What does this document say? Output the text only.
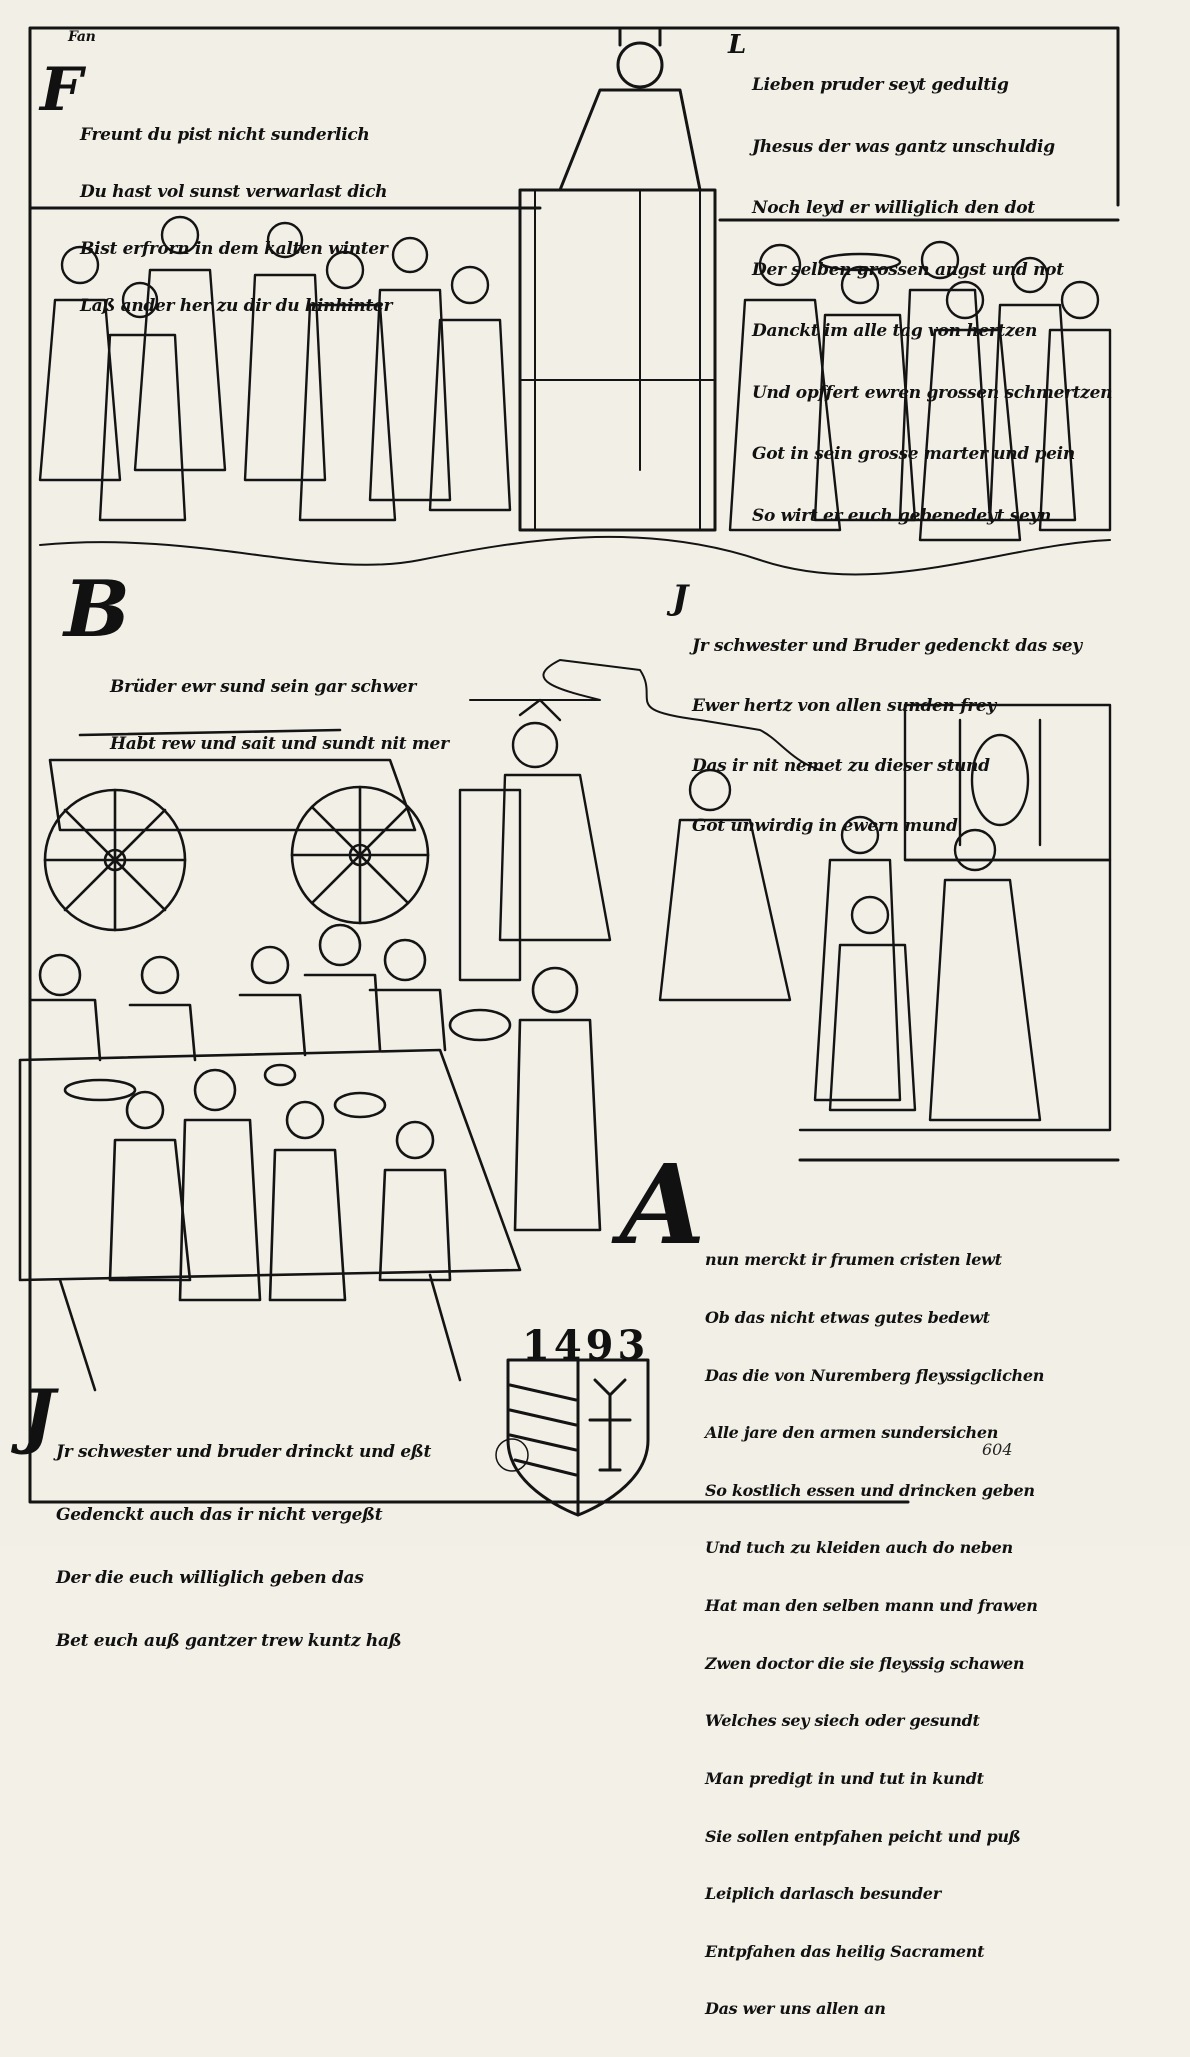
F
Fan

Freunt du pist nicht sunderlich

Du hast vol sunst verwarlast dich

Bist erfrorn in dem kalten winter

Laß ander her zu dir du hinhinter

L

Lieben pruder seyt gedultig

Jhesus der was gantz unschuldig

Noch leyd er williglich den dot

Der selben grossen angst und not

Danckt im alle tag von hertzen

Und opffert ewren grossen schmertzen

Got in sein grosse marter und pein

So wirt er euch gebenedeyt seyn

B

Brüder ewr sund sein gar schwer

Habt rew und sait und sundt nit mer

J

Jr schwester und Bruder gedenckt das sey

Ewer hertz von allen sunden frey

Das ir nit nemet zu dieser stund

Got unwirdig in ewern mund

A

nun merckt ir frumen cristen lewt

Ob das nicht etwas gutes bedewt

Das die von Nuremberg fleyssigclichen

Alle jare den armen sundersichen

So kostlich essen und drincken geben

Und tuch zu kleiden auch do neben

Hat man den selben mann und frawen

Zwen doctor die sie fleyssig schawen

Welches sey siech oder gesundt

Man predigt in und tut in kundt

Sie sollen entpfahen peicht und puß

Leiplich darlasch besunder

Entpfahen das heilig Sacrament

Das wer uns allen an

J

Jr schwester und bruder drinckt und eßt

Gedenckt auch das ir nicht vergeßt

Der die euch williglich geben das

Bet euch auß gantzer trew kuntz haß

1493
604
